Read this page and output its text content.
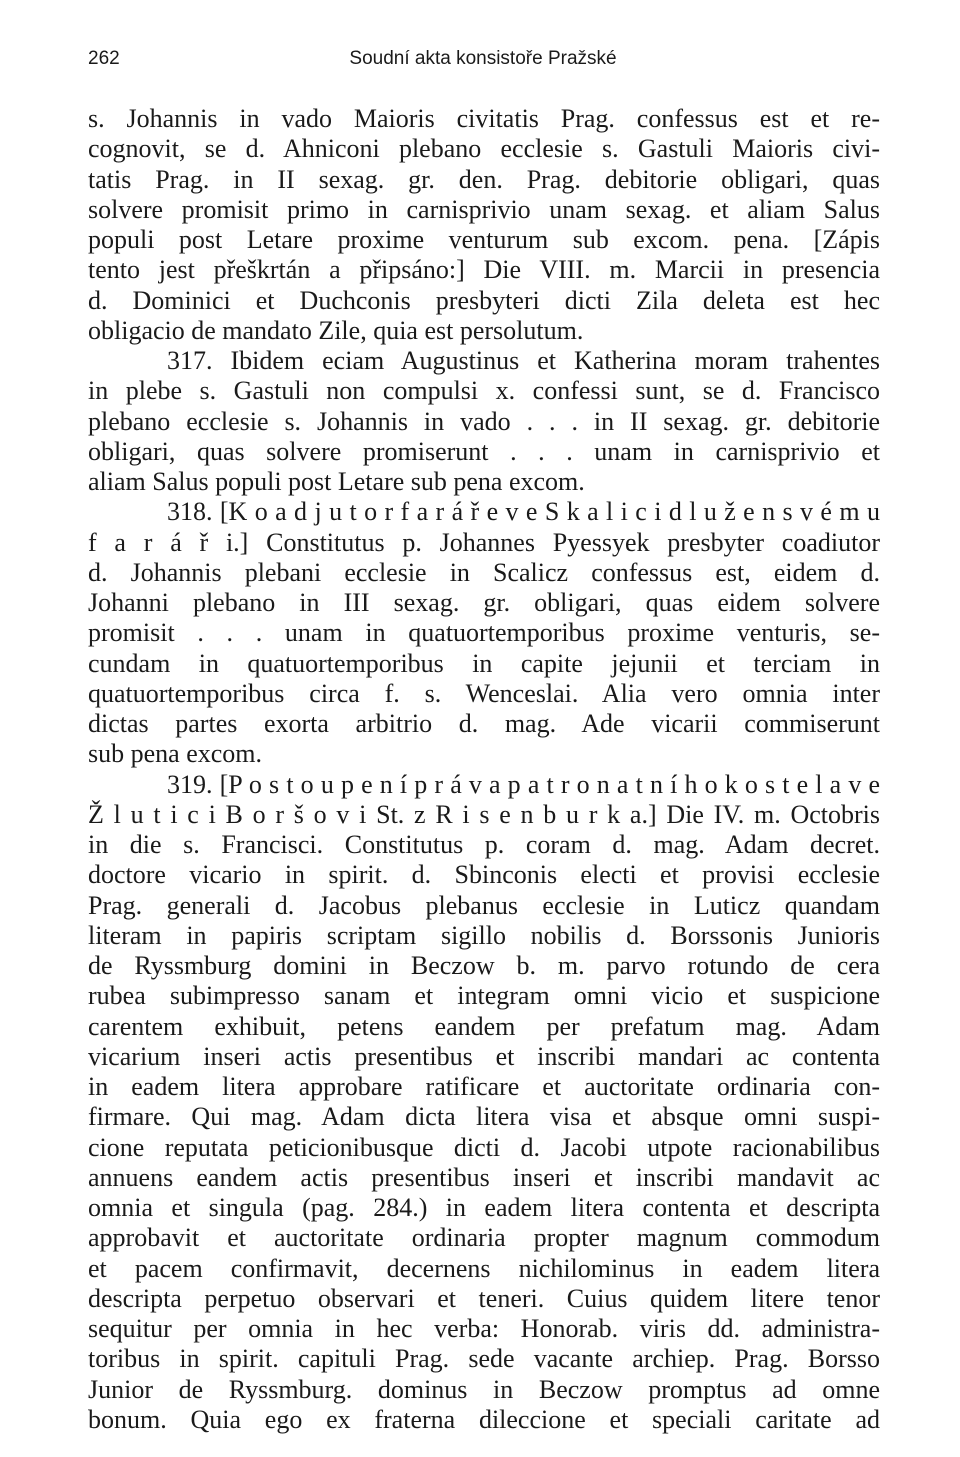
262	Soudní akta konsistoře Pražské
s. Johannis in vado Maioris civitatis Prag. confessus est et re-
cognovit, se d. Ahniconi plebano ecclesie s. Gastuli Maioris civi-
tatis Prag. in II sexag. gr. den. Prag. debitorie obligari, quas
solvere promisit primo in carnisprivio unam sexag. et aliam Salus
populi post Letare proxime venturum sub excom. pena. [Zápis
tento jest přeškrtán a připsáno:] Die VIII. m. Marcii in presencia
d. Dominici et Duchconis presbyteri dicti Zila deleta est hec
obligacio de mandato Zile, quia est persolutum.
317. Ibidem eciam Augustinus et Katherina moram trahentes
in plebe s. Gastuli non compulsi x. confessi sunt, se d. Francisco
plebano ecclesie s. Johannis in vado . . . in II sexag. gr. debitorie
obligari, quas solvere promiserunt . . . unam in carnisprivio et
aliam Salus populi post Letare sub pena excom.
318. [K o a d j u t o r f a r á ř e v e S k a l i c i d l u ž e n s v é m u
f a r á ř i.] Constitutus p. Johannes Pyessyek presbyter coadiutor
d. Johannis plebani ecclesie in Scalicz confessus est, eidem d.
Johanni plebano in III sexag. gr. obligari, quas eidem solvere
promisit . . . unam in quatuortemporibus proxime venturis, se-
cundam in quatuortemporibus in capite jejunii et terciam in
quatuortemporibus circa f. s. Wenceslai. Alia vero omnia inter
dictas partes exorta arbitrio d. mag. Ade vicarii commiserunt
sub pena excom.
319. [P o s t o u p e n í p r á v a p a t r o n a t n í h o k o s t e l a v e
Ž l u t i c i B o r š o v i St. z R i s e n b u r k a.] Die IV. m. Octobris
in die s. Francisci. Constitutus p. coram d. mag. Adam decret.
doctore vicario in spirit. d. Sbinconis electi et provisi ecclesie
Prag. generali d. Jacobus plebanus ecclesie in Luticz quandam
literam in papiris scriptam sigillo nobilis d. Borssonis Junioris
de Ryssmburg domini in Beczow b. m. parvo rotundo de cera
rubea subimpresso sanam et integram omni vicio et suspicione
carentem exhibuit, petens eandem per prefatum mag. Adam
vicarium inseri actis presentibus et inscribi mandari ac contenta
in eadem litera approbare ratificare et auctoritate ordinaria con-
firmare. Qui mag. Adam dicta litera visa et absque omni suspi-
cione reputata peticionibusque dicti d. Jacobi utpote racionabilibus
annuens eandem actis presentibus inseri et inscribi mandavit ac
omnia et singula (pag. 284.) in eadem litera contenta et descripta
approbavit et auctoritate ordinaria propter magnum commodum
et pacem confirmavit, decernens nichilominus in eadem litera
descripta perpetuo observari et teneri. Cuius quidem litere tenor
sequitur per omnia in hec verba: Honorab. viris dd. administra-
toribus in spirit. capituli Prag. sede vacante archiep. Prag. Borsso
Junior de Ryssmburg. dominus in Beczow promptus ad omne
bonum. Quia ego ex fraterna dileccione et speciali caritate ad
